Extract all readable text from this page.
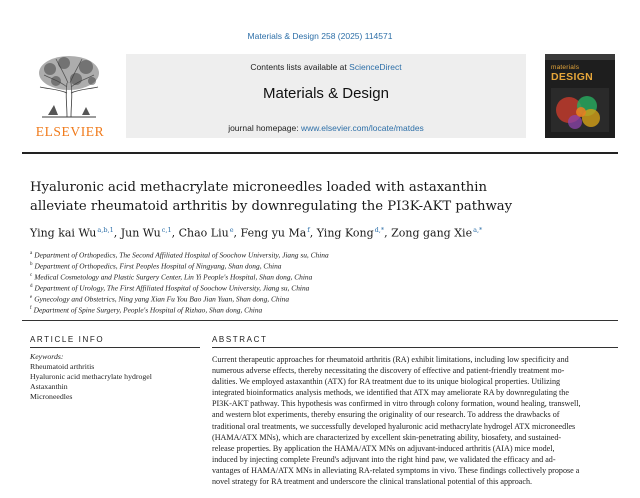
Materials & Design 258 (2025) 114571
ELSEVIER
Contents lists available at ScienceDirect
Materials & Design
journal homepage: www.elsevier.com/locate/matdes
materials
DESIGN
Hyaluronic acid methacrylate microneedles loaded with astaxanthin
alleviate rheumatoid arthritis by downregulating the PI3K-AKT pathway
Ying kai Wu$^{a,b,1}$, Jun Wu$^{c,1}$, Chao Liu$^e$, Feng yu Ma$^f$, Ying Kong$^{d,*}$, Zong gang Xie$^{a,*}$
$^a$ Department of Orthopedics, The Second Affiliated Hospital of Soochow University, Jiang su, China
$^b$ Department of Orthopedics, First Peoples Hospital of Ningyang, Shan dong, China
$^c$ Medical Cosmetology and Plastic Surgery Center, Lin Yi People's Hospital, Shan dong, China
$^d$ Department of Urology, The First Affiliated Hospital of Soochow University, Jiang su, China
$^e$ Gynecology and Obstetrics, Ning yang Xian Fu You Bao Jian Yuan, Shan dong, China
$^f$ Department of Spine Surgery, People's Hospital of Rizhao, Shan dong, China
ARTICLE INFO	ABSTRACT
Keywords:
Rheumatoid arthritis
Hyaluronic acid methacrylate hydrogel
Astaxanthin
Microneedles
Current therapeutic approaches for rheumatoid arthritis (RA) exhibit limitations, including low specificity and
numerous adverse effects, thereby necessitating the discovery of effective and patient-friendly treatment mo-
dalities. We employed astaxanthin (ATX) for RA treatment due to its unique biological properties. Utilizing
integrated bioinformatics analysis methods, we identified that ATX may ameliorate RA by downregulating the
PI3K-AKT pathway. This hypothesis was confirmed in vitro through colony formation, wound healing, transwell,
and western blot experiments, thereby ensuring the originality of our research. To address the drawbacks of
traditional oral treatments, we successfully developed hyaluronic acid methacrylate hydrogel ATX microneedles
(HAMA/ATX MNs), which are characterized by excellent skin-penetrating ability, biosafety, and sustained-
release properties. By application the HAMA/ATX MNs on adjuvant-induced arthritis (AIA) mice model,
induced by injecting complete Freund's adjuvant into the right hind paw, we validated the efficacy and ad-
vantages of HAMA/ATX MNs in alleviating RA-related symptoms in vivo. These findings collectively propose a
novel strategy for RA treatment and underscore the clinical translational potential of this approach.
